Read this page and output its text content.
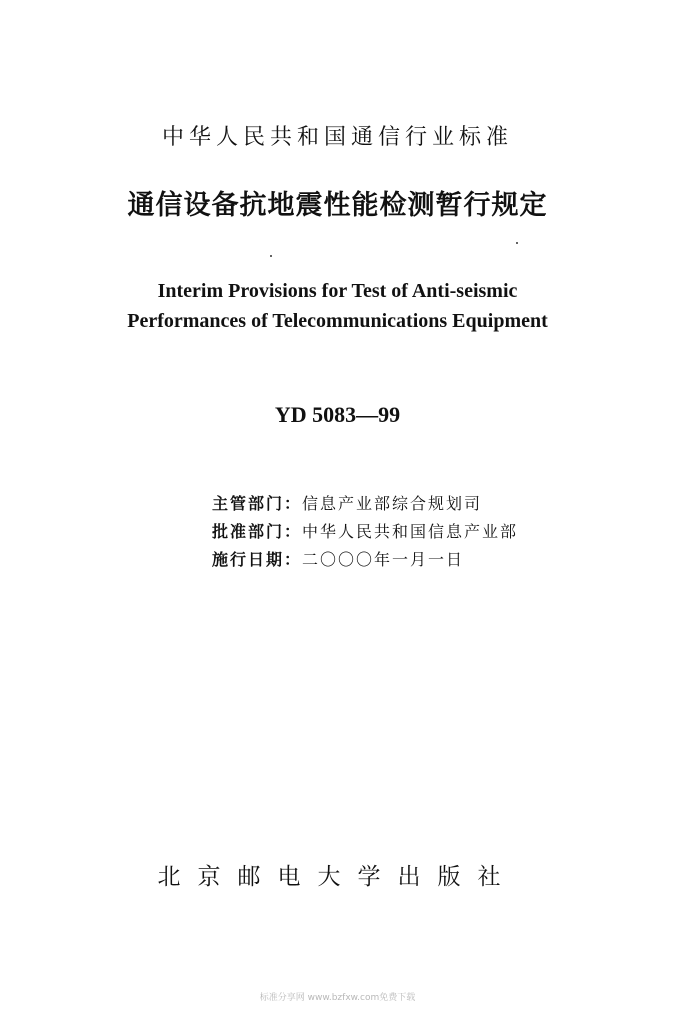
中华人民共和国通信行业标准
通信设备抗地震性能检测暂行规定
Interim Provisions for Test of Anti-seismic
Performances of Telecommunications Equipment
YD 5083—99
主管部门：信息产业部综合规划司
批准部门：中华人民共和国信息产业部
施行日期：二〇〇〇年一月一日
北京邮电大学出版社
标准分享网 www.bzfxw.com免费下载
